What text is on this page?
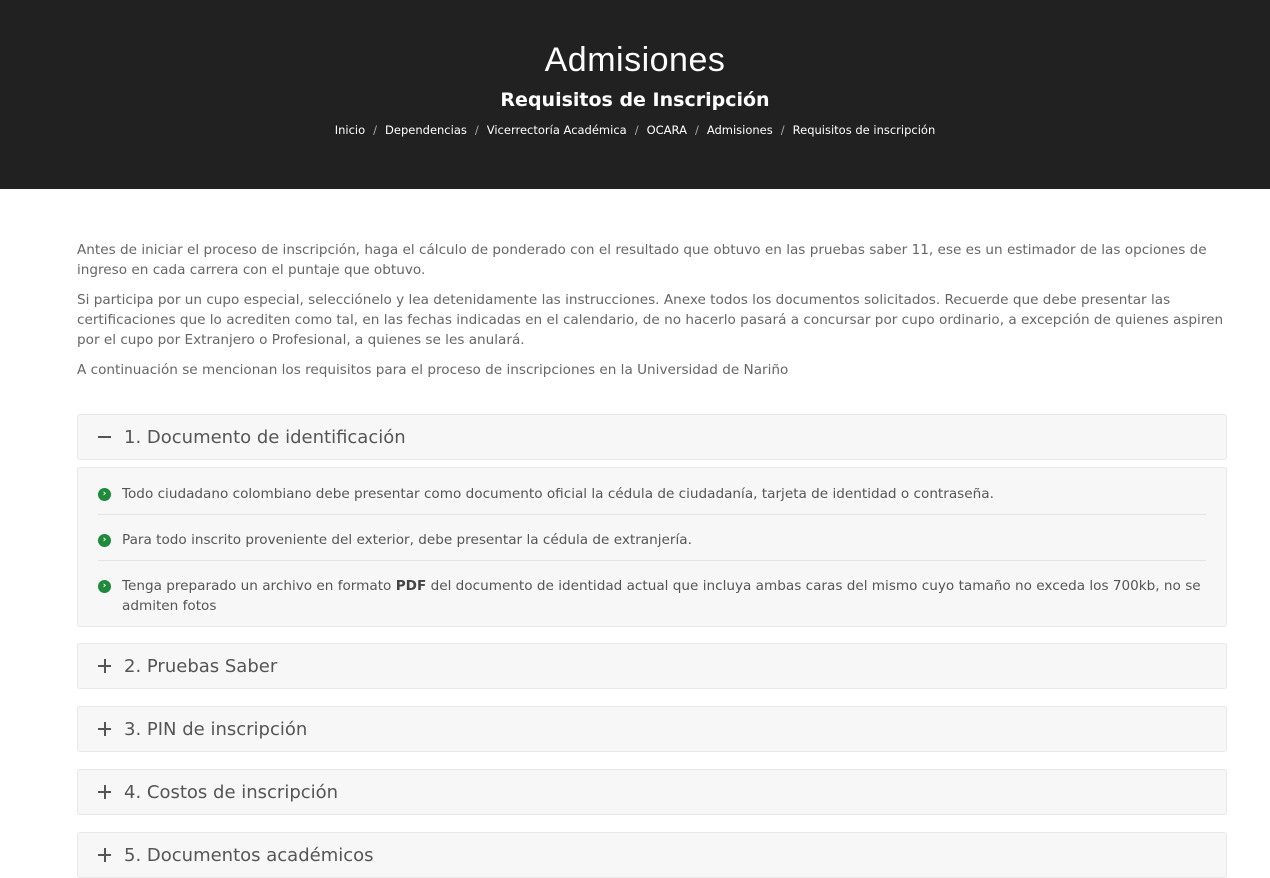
Admisiones
Requisitos de Inscripción
Inicio / Dependencias / Vicerrectoría Académica / OCARA / Admisiones / Requisitos de inscripción

Antes de iniciar el proceso de inscripción, haga el cálculo de ponderado con el resultado que obtuvo en las pruebas saber 11, ese es un estimador de las opciones de ingreso en cada carrera con el puntaje que obtuvo.

Si participa por un cupo especial, selecciónelo y lea detenidamente las instrucciones. Anexe todos los documentos solicitados. Recuerde que debe presentar las certificaciones que lo acrediten como tal, en las fechas indicadas en el calendario, de no hacerlo pasará a concursar por cupo ordinario, a excepción de quienes aspiren por el cupo por Extranjero o Profesional, a quienes se les anulará.

A continuación se mencionan los requisitos para el proceso de inscripciones en la Universidad de Nariño

1. Documento de identificación
›	Todo ciudadano colombiano debe presentar como documento oficial la cédula de ciudadanía, tarjeta de identidad o contraseña.
›	Para todo inscrito proveniente del exterior, debe presentar la cédula de extranjería.
›	Tenga preparado un archivo en formato PDF del documento de identidad actual que incluya ambas caras del mismo cuyo tamaño no exceda los 700kb, no se admiten fotos
2. Pruebas Saber
3. PIN de inscripción
4. Costos de inscripción
5. Documentos académicos
